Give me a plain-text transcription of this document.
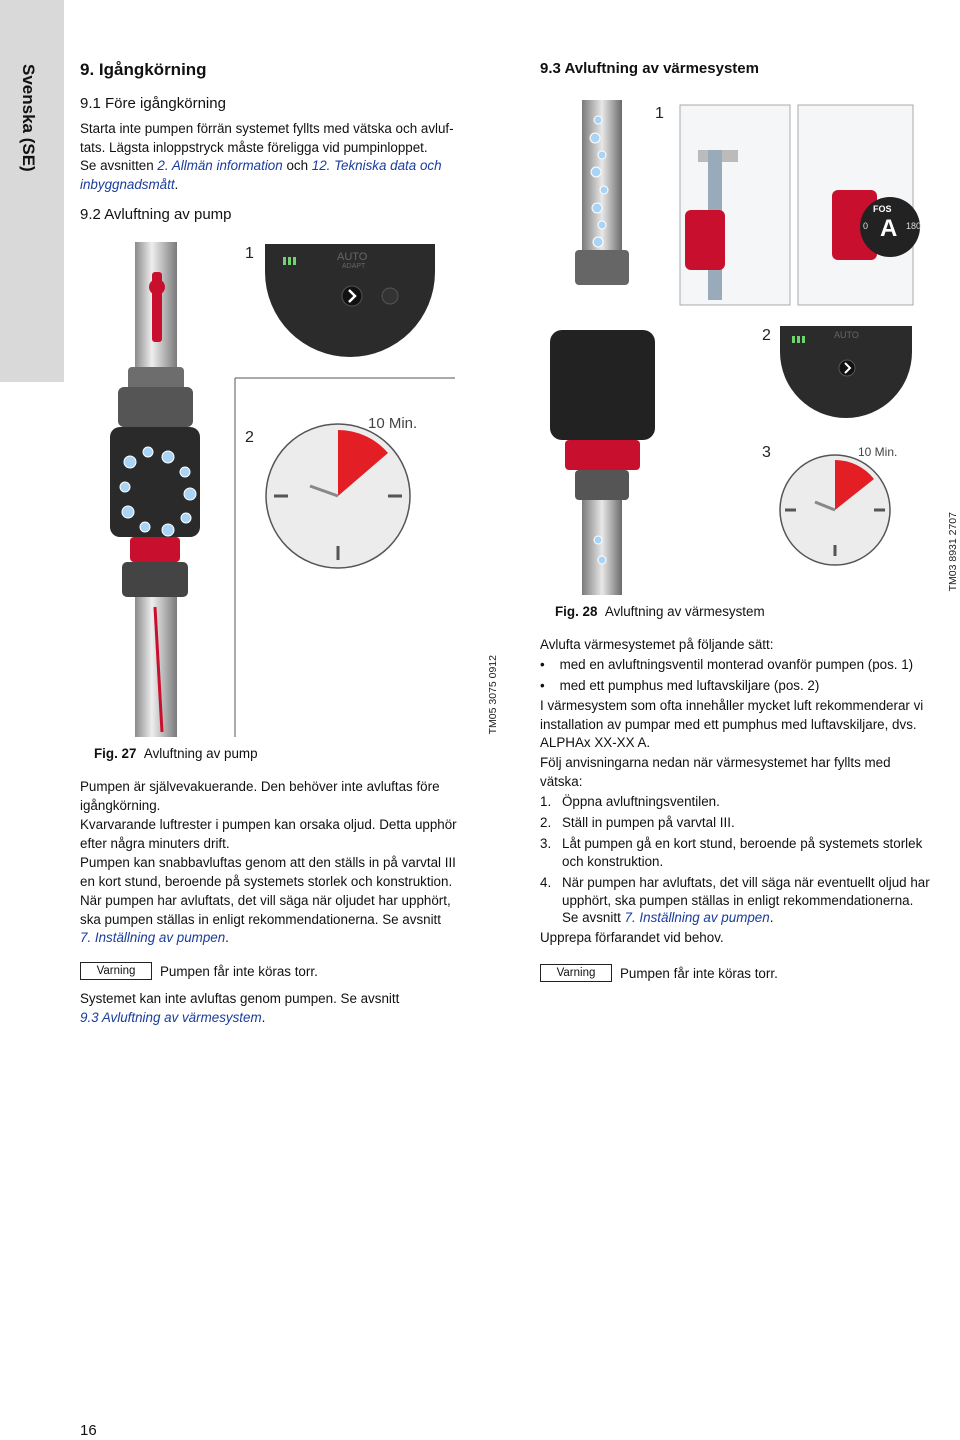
Svenska (SE) 9. Igångkörning
9.1 Före igångkörning
Starta inte pumpen förrän systemet fyllts med vätska och avluf-
tats. Lägsta inloppstryck måste föreligga vid pumpinloppet.
Se avsnitten 2. Allmän information och 12. Tekniska data och
inbyggnadsmått.
9.2 Avluftning av pump
AUTO
ADAPT
1
2
10 Min.
TM05 3075 0912
Fig. 27 Avluftning av pump
Pumpen är självevakuerande. Den behöver inte avluftas före
igångkörning.
Kvarvarande luftrester i pumpen kan orsaka oljud. Detta upphör
efter några minuters drift.
Pumpen kan snabbavluftas genom att den ställs in på varvtal III
en kort stund, beroende på systemets storlek och konstruktion.
När pumpen har avluftats, det vill säga när oljudet har upphört,
ska pumpen ställas in enligt rekommendationerna. Se avsnitt
7. Inställning av pumpen.
Varning	Pumpen får inte köras torr.
Systemet kan inte avluftas genom pumpen. Se avsnitt
9.3 Avluftning av värmesystem.
9.3 Avluftning av värmesystem
1
A
FOS
180
0
2	AUTO
3	10 Min.
TM03 8931 2707
Fig. 28 Avluftning av värmesystem
Avlufta värmesystemet på följande sätt:
•    med en avluftningsventil monterad ovanför pumpen (pos. 1)
•    med ett pumphus med luftavskiljare (pos. 2)
I värmesystem som ofta innehåller mycket luft rekommenderar vi
installation av pumpar med ett pumphus med luftavskiljare, dvs.
ALPHAx XX-XX A.
Följ anvisningarna nedan när värmesystemet har fyllts med
vätska:
1. Öppna avluftningsventilen.
2. Ställ in pumpen på varvtal III.
3. Låt pumpen gå en kort stund, beroende på systemets storlek
och konstruktion.
4. När pumpen har avluftats, det vill säga när eventuellt oljud har
upphört, ska pumpen ställas in enligt rekommendationerna.
Se avsnitt 7. Inställning av pumpen.
Upprepa förfarandet vid behov.
Varning	Pumpen får inte köras torr.
16
